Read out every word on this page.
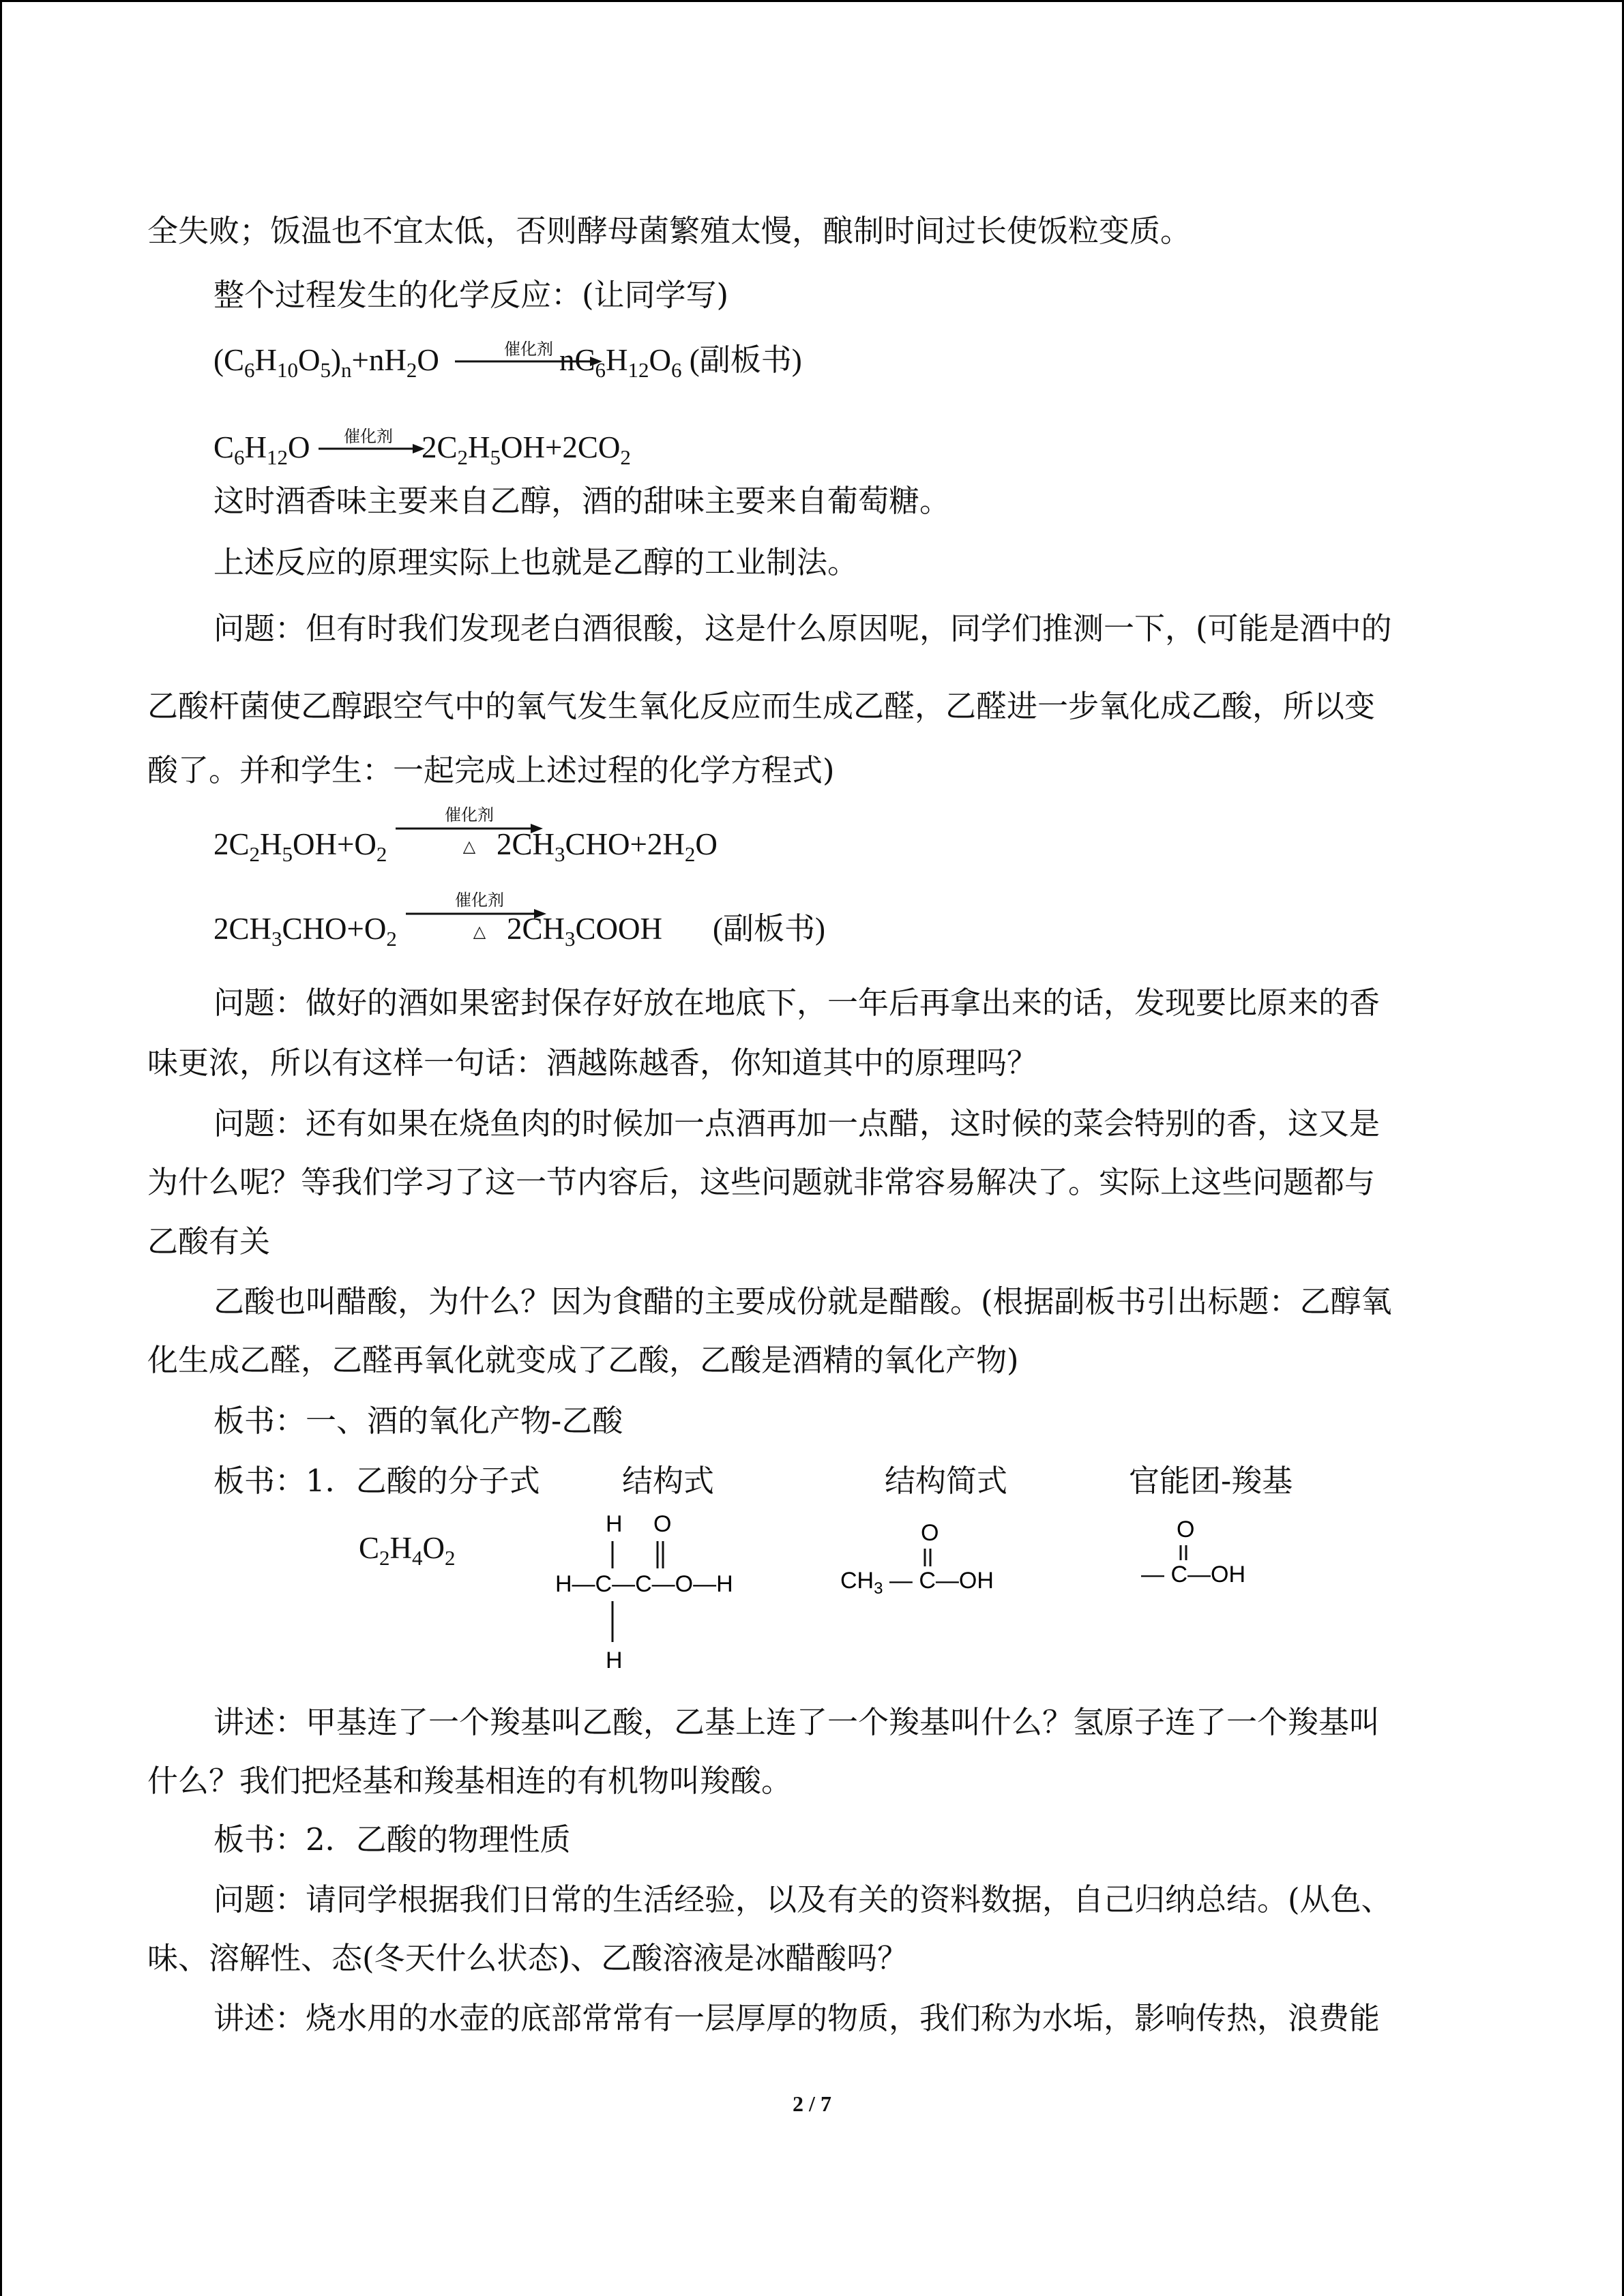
全失败；饭温也不宜太低，否则酵母菌繁殖太慢，酿制时间过长使饭粒变质。
整个过程发生的化学反应：(让同学写)
$(C_6H_{10}O_5)_n+nH_2O$	催化剂 $nC_6H_{12}O_6$ (副板书)
$C_6H_{12}O$	催化剂 $2C_2H_5OH+2CO_2$
这时酒香味主要来自乙醇，酒的甜味主要来自葡萄糖。
上述反应的原理实际上也就是乙醇的工业制法。
问题：但有时我们发现老白酒很酸，这是什么原因呢，同学们推测一下，(可能是酒中的
乙酸杆菌使乙醇跟空气中的氧气发生氧化反应而生成乙醛，乙醛进一步氧化成乙酸，所以变
酸了。并和学生：一起完成上述过程的化学方程式)
$2C_2H_5OH+O_2$
催化剂
△ $2CH_3CHO+2H_2O$
$2CH_3CHO+O_2$
催化剂
△ $2CH_3COOH$ (副板书)
问题：做好的酒如果密封保存好放在地底下，一年后再拿出来的话，发现要比原来的香
味更浓，所以有这样一句话：酒越陈越香，你知道其中的原理吗？
问题：还有如果在烧鱼肉的时候加一点酒再加一点醋，这时候的菜会特别的香，这又是
为什么呢？等我们学习了这一节内容后，这些问题就非常容易解决了。实际上这些问题都与
乙酸有关
乙酸也叫醋酸，为什么？因为食醋的主要成份就是醋酸。(根据副板书引出标题：乙醇氧
化生成乙醛，乙醛再氧化就变成了乙酸，乙酸是酒精的氧化产物)
板书：一、酒的氧化产物-乙酸
板书：1．乙酸的分子式	结构式	结构简式	官能团-羧基
$C_2H_4O_2$
H O
H—C—C—O—H
H
O
$CH_3$ — C—OH
O
— C—OH
讲述：甲基连了一个羧基叫乙酸，乙基上连了一个羧基叫什么？氢原子连了一个羧基叫
什么？我们把烃基和羧基相连的有机物叫羧酸。
板书：2．乙酸的物理性质
问题：请同学根据我们日常的生活经验，以及有关的资料数据，自己归纳总结。(从色、
味、溶解性、态(冬天什么状态)、乙酸溶液是冰醋酸吗？
讲述：烧水用的水壶的底部常常有一层厚厚的物质，我们称为水垢，影响传热，浪费能
2 / 7
